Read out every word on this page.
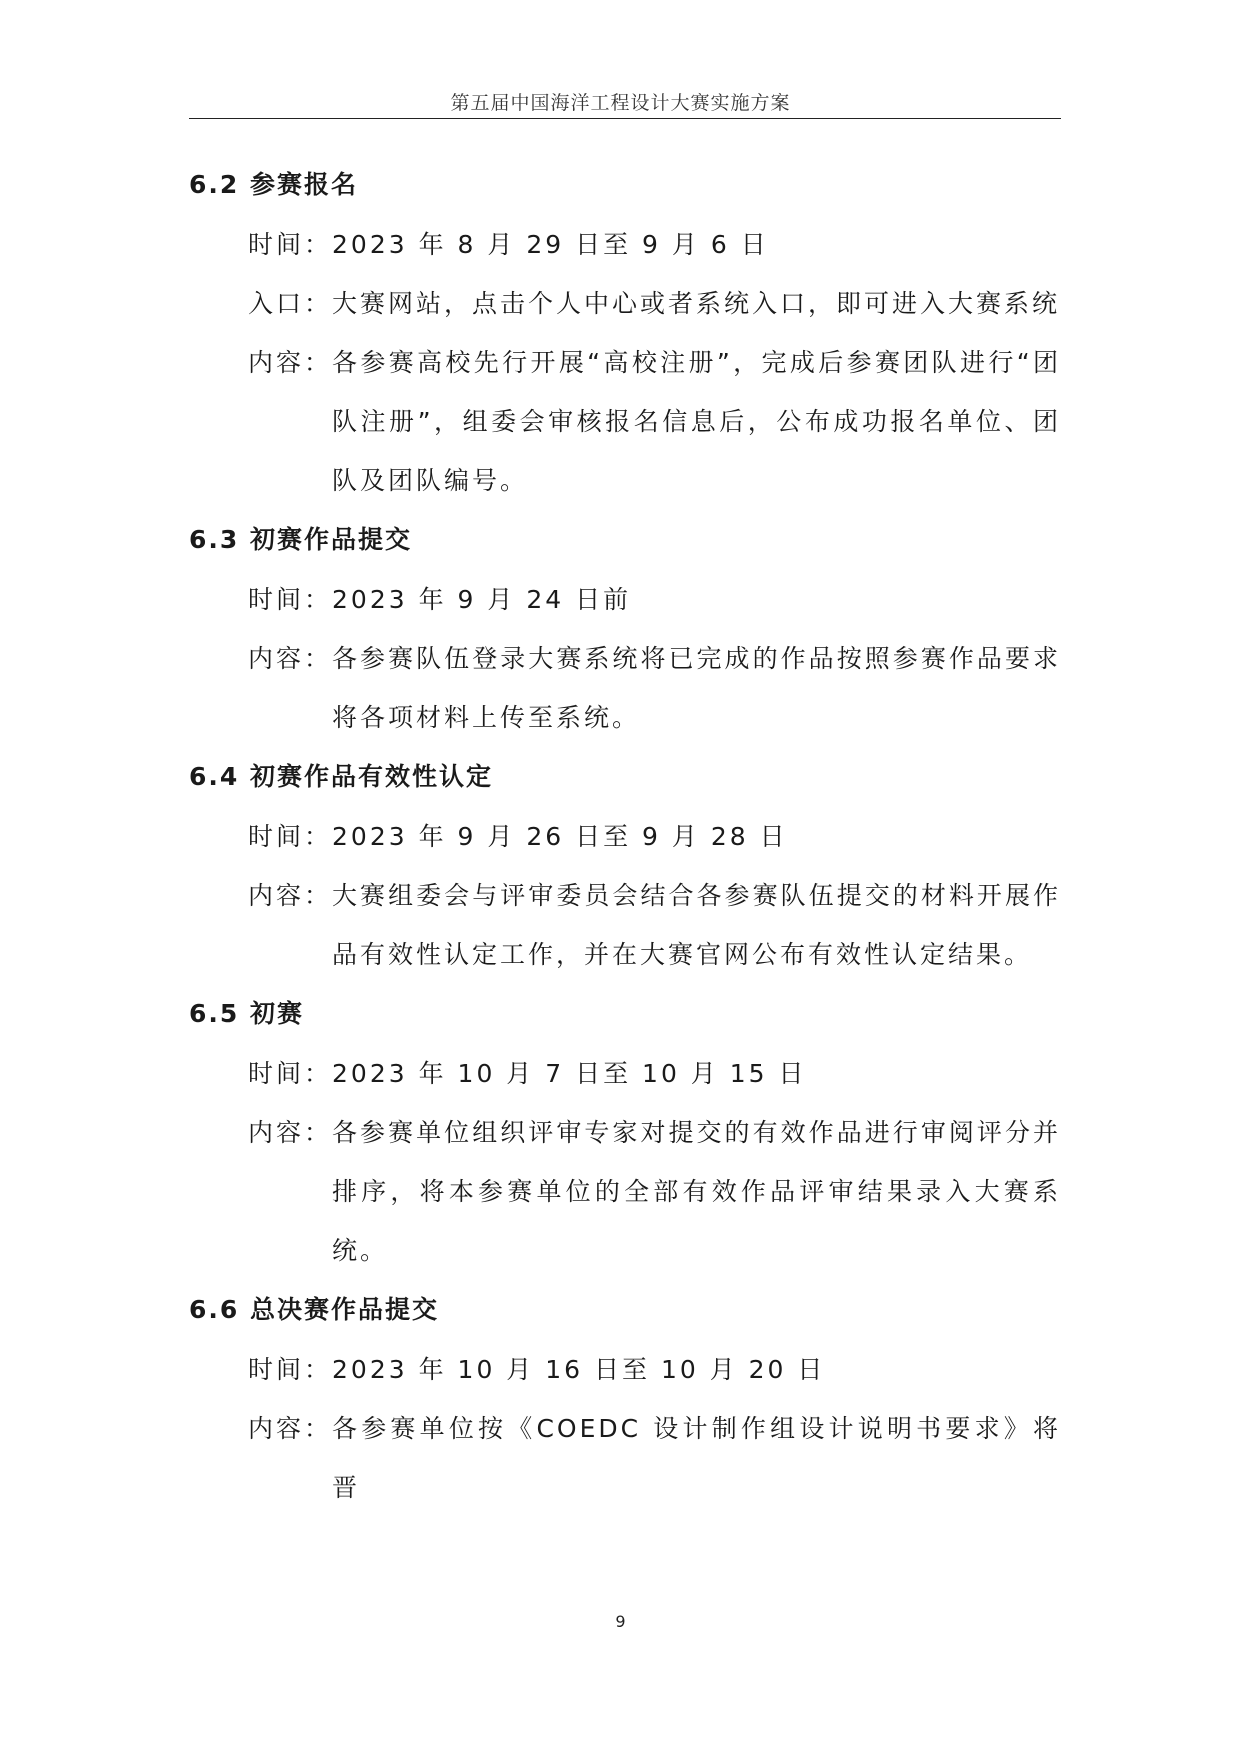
第五届中国海洋工程设计大赛实施方案
6.2 参赛报名
时间： 2023 年 8 月 29 日至 9 月 6 日
入口： 大赛网站，点击个人中心或者系统入口，即可进入大赛系统
内容： 各参赛高校先行开展“高校注册”，完成后参赛团队进行“团队注册”，组委会审核报名信息后，公布成功报名单位、团队及团队编号。
6.3 初赛作品提交
时间： 2023 年 9 月 24 日前
内容： 各参赛队伍登录大赛系统将已完成的作品按照参赛作品要求将各项材料上传至系统。
6.4 初赛作品有效性认定
时间： 2023 年 9 月 26 日至 9 月 28 日
内容： 大赛组委会与评审委员会结合各参赛队伍提交的材料开展作品有效性认定工作，并在大赛官网公布有效性认定结果。
6.5 初赛
时间： 2023 年 10 月 7 日至 10 月 15 日
内容： 各参赛单位组织评审专家对提交的有效作品进行审阅评分并排序，将本参赛单位的全部有效作品评审结果录入大赛系统。
6.6 总决赛作品提交
时间： 2023 年 10 月 16 日至 10 月 20 日
内容： 各参赛单位按《COEDC 设计制作组设计说明书要求》将晋
9
